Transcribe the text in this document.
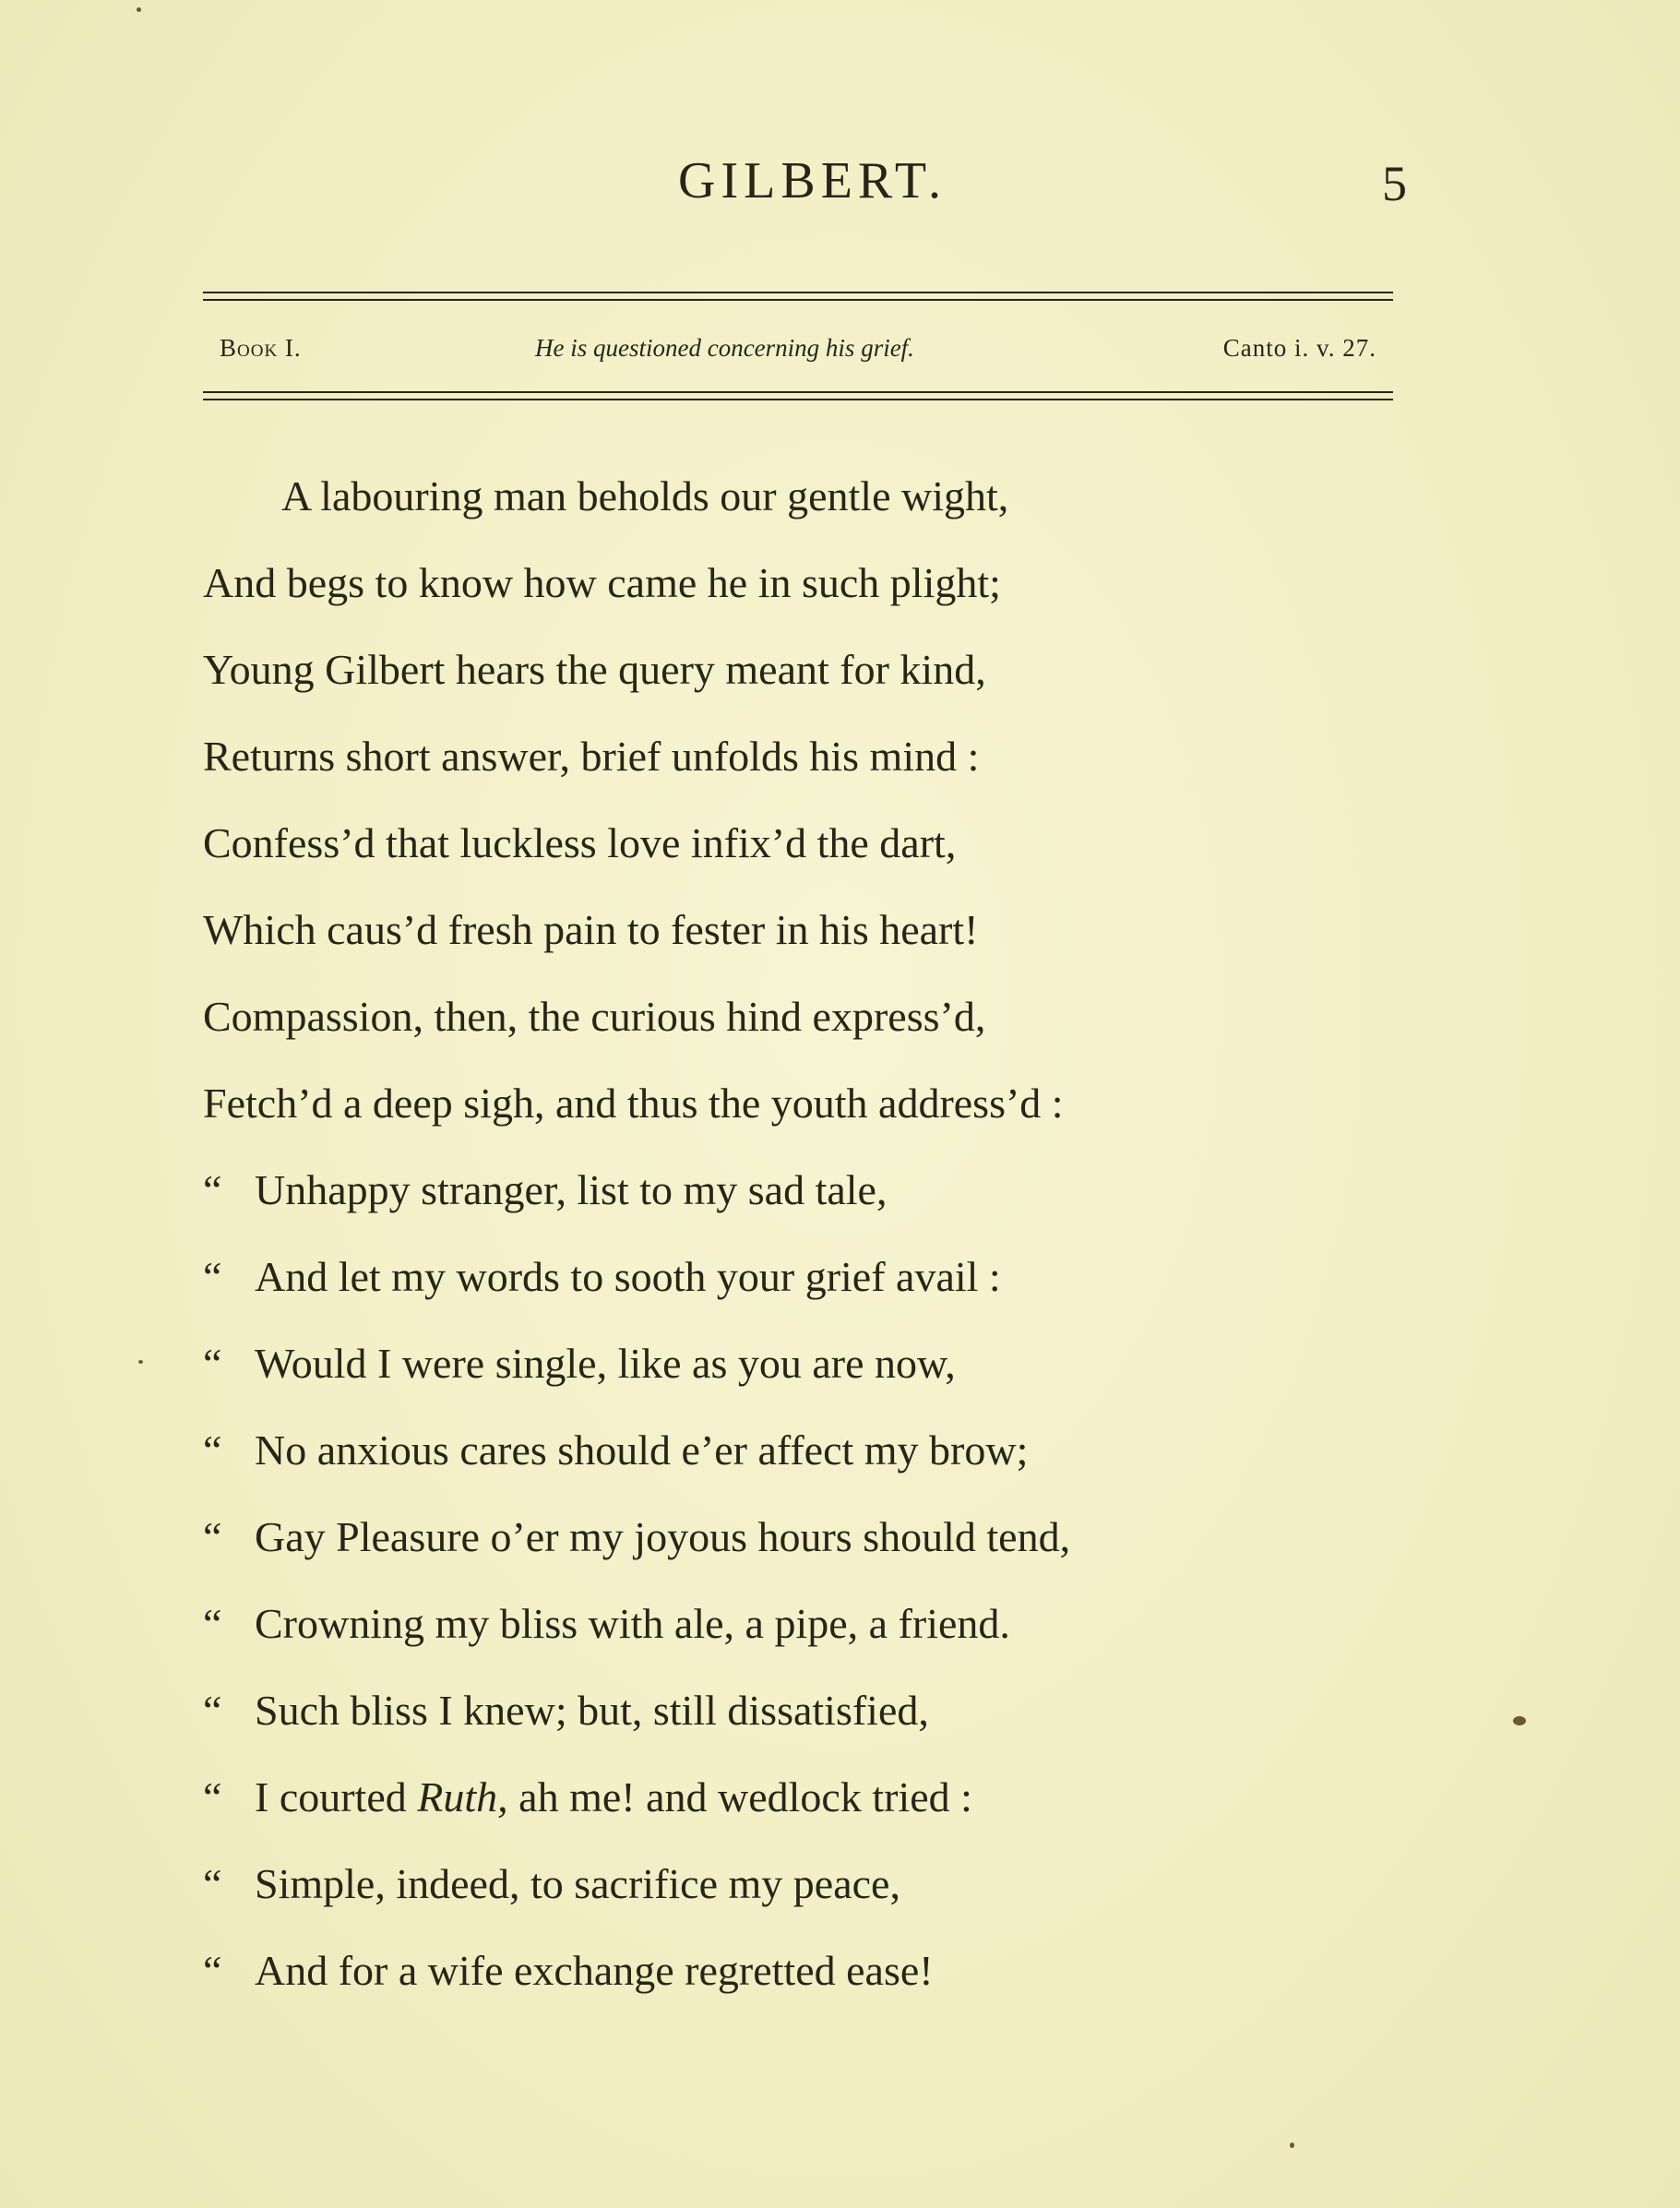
GILBERT.	5
Book I.	He is questioned concerning his grief.	Canto i. v. 27.
A labouring man beholds our gentle wight,
And begs to know how came he in such plight;
Young Gilbert hears the query meant for kind,
Returns short answer, brief unfolds his mind :
Confess’d that luckless love infix’d the dart,
Which caus’d fresh pain to fester in his heart!
Compassion, then, the curious hind express’d,
Fetch’d a deep sigh, and thus the youth address’d :
“ Unhappy stranger, list to my sad tale,
“ And let my words to sooth your grief avail :
“ Would I were single, like as you are now,
“ No anxious cares should e’er affect my brow;
“ Gay Pleasure o’er my joyous hours should tend,
“ Crowning my bliss with ale, a pipe, a friend.
“ Such bliss I knew; but, still dissatisfied,
“ I courted Ruth, ah me! and wedlock tried :
“ Simple, indeed, to sacrifice my peace,
“ And for a wife exchange regretted ease!
